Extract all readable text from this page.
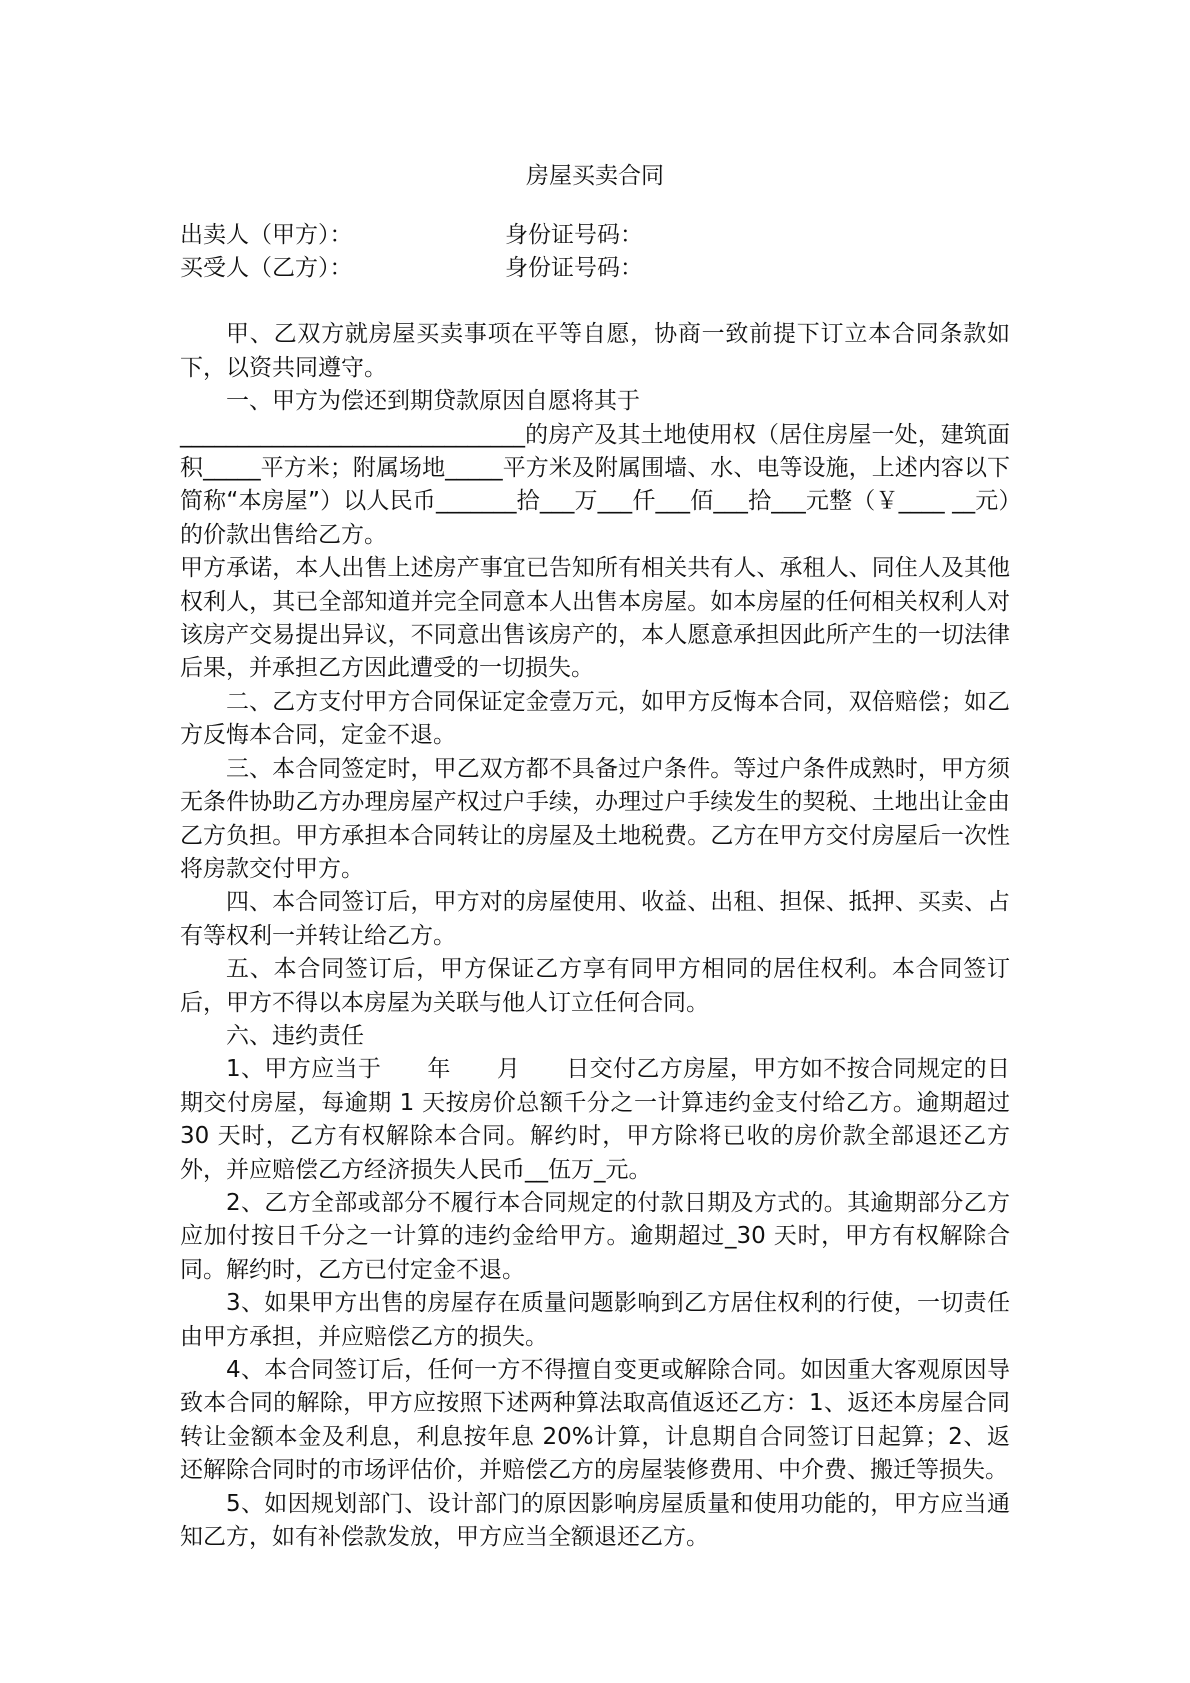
房屋买卖合同
出卖人（甲方）：	身份证号码：
买受人（乙方）：	身份证号码：

甲、乙双方就房屋买卖事项在平等自愿，协商一致前提下订立本合同条款如下，以资共同遵守。

一、甲方为偿还到期贷款原因自愿将其于

______________________________的房产及其土地使用权（居住房屋一处，建筑面积_____平方米；附属场地_____平方米及附属围墙、水、电等设施，上述内容以下简称“本房屋”）以人民币_______拾___万___仟___佰___拾___元整（￥____ __元）的价款出售给乙方。

甲方承诺，本人出售上述房产事宜已告知所有相关共有人、承租人、同住人及其他权利人，其已全部知道并完全同意本人出售本房屋。如本房屋的任何相关权利人对该房产交易提出异议，不同意出售该房产的，本人愿意承担因此所产生的一切法律后果，并承担乙方因此遭受的一切损失。

二、乙方支付甲方合同保证定金壹万元，如甲方反悔本合同，双倍赔偿；如乙方反悔本合同，定金不退。

三、本合同签定时，甲乙双方都不具备过户条件。等过户条件成熟时，甲方须无条件协助乙方办理房屋产权过户手续，办理过户手续发生的契税、土地出让金由乙方负担。甲方承担本合同转让的房屋及土地税费。乙方在甲方交付房屋后一次性将房款交付甲方。

四、本合同签订后，甲方对的房屋使用、收益、出租、担保、抵押、买卖、占有等权利一并转让给乙方。

五、本合同签订后，甲方保证乙方享有同甲方相同的居住权利。本合同签订后，甲方不得以本房屋为关联与他人订立任何合同。

六、违约责任

1、甲方应当于      年      月      日交付乙方房屋，甲方如不按合同规定的日期交付房屋，每逾期 1 天按房价总额千分之一计算违约金支付给乙方。逾期超过 30 天时，乙方有权解除本合同。解约时，甲方除将已收的房价款全部退还乙方外，并应赔偿乙方经济损失人民币__伍万_元。

2、乙方全部或部分不履行本合同规定的付款日期及方式的。其逾期部分乙方应加付按日千分之一计算的违约金给甲方。逾期超过_30 天时，甲方有权解除合同。解约时，乙方已付定金不退。

3、如果甲方出售的房屋存在质量问题影响到乙方居住权利的行使，一切责任由甲方承担，并应赔偿乙方的损失。

4、本合同签订后，任何一方不得擅自变更或解除合同。如因重大客观原因导致本合同的解除，甲方应按照下述两种算法取高值返还乙方：1、返还本房屋合同转让金额本金及利息，利息按年息 20%计算，计息期自合同签订日起算；2、返还解除合同时的市场评估价，并赔偿乙方的房屋装修费用、中介费、搬迁等损失。

5、如因规划部门、设计部门的原因影响房屋质量和使用功能的，甲方应当通知乙方，如有补偿款发放，甲方应当全额退还乙方。
